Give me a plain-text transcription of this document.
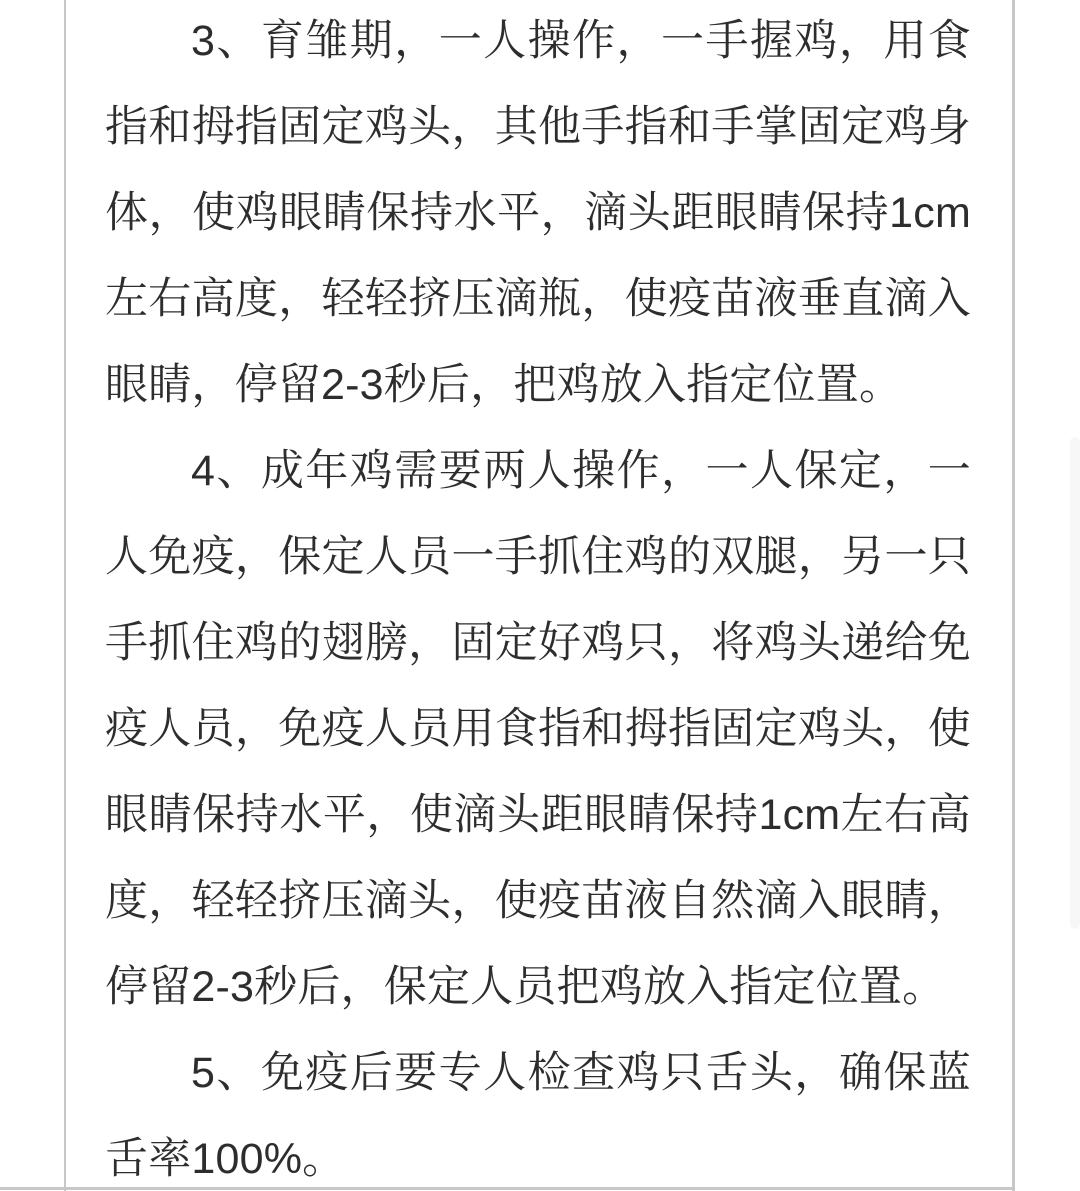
3、育雏期，一人操作，一手握鸡，用食
指和拇指固定鸡头，其他手指和手掌固定鸡身
体，使鸡眼睛保持水平，滴头距眼睛保持1cm
左右高度，轻轻挤压滴瓶，使疫苗液垂直滴入
眼睛，停留2-3秒后，把鸡放入指定位置。
4、成年鸡需要两人操作，一人保定，一
人免疫，保定人员一手抓住鸡的双腿，另一只
手抓住鸡的翅膀，固定好鸡只，将鸡头递给免
疫人员，免疫人员用食指和拇指固定鸡头，使
眼睛保持水平，使滴头距眼睛保持1cm左右高
度，轻轻挤压滴头，使疫苗液自然滴入眼睛，
停留2-3秒后，保定人员把鸡放入指定位置。
5、免疫后要专人检查鸡只舌头，确保蓝
舌率100%。
